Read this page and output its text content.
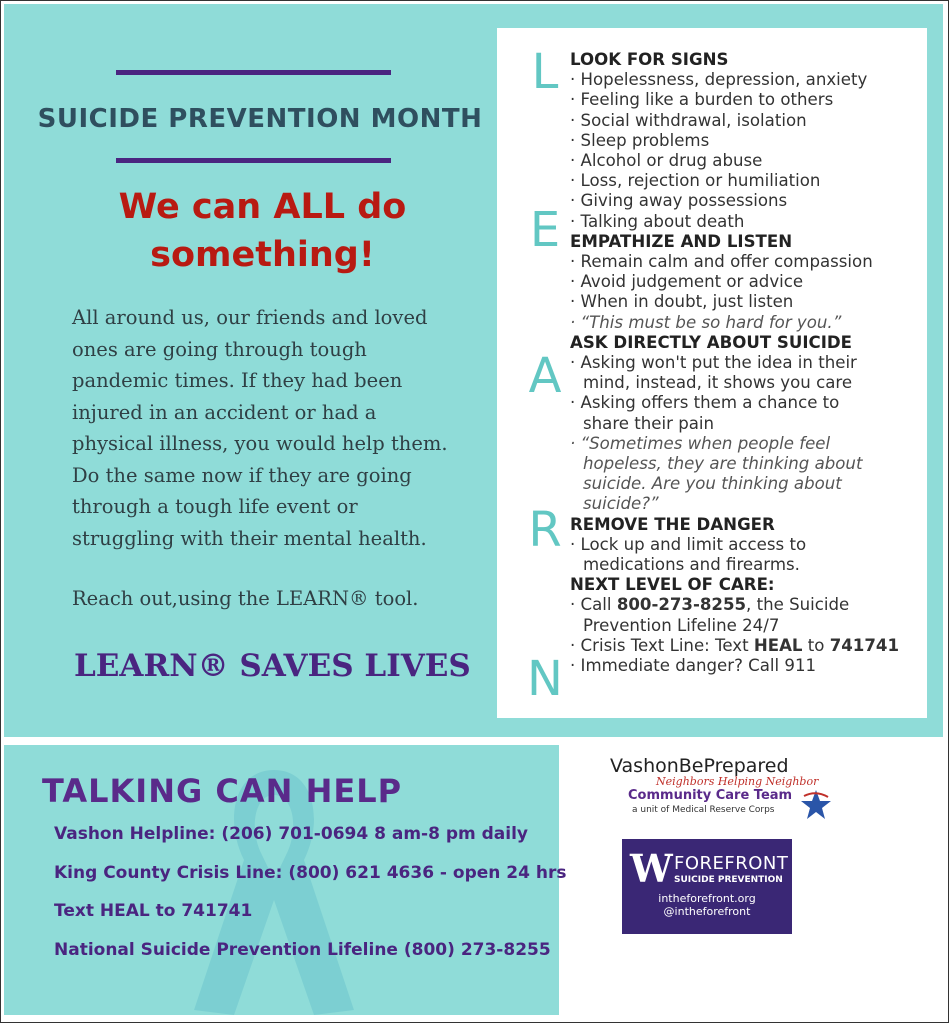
SUICIDE PREVENTION MONTH
We can ALL do
something!
All around us, our friends and loved
ones are going through tough
pandemic times. If they had been
injured in an accident or had a
physical illness, you would help them.
Do the same now if they are going
through a tough life event or
struggling with their mental health.
Reach out,using the LEARN® tool.
LEARN® SAVES LIVES
L
E
A
R
N
LOOK FOR SIGNS
· Hopelessness, depression, anxiety
· Feeling like a burden to others
· Social withdrawal, isolation
· Sleep problems
· Alcohol or drug abuse
· Loss, rejection or humiliation
· Giving away possessions
· Talking about death
EMPATHIZE AND LISTEN
· Remain calm and offer compassion
· Avoid judgement or advice
· When in doubt, just listen
· “This must be so hard for you.”
ASK DIRECTLY ABOUT SUICIDE
· Asking won't put the idea in their
mind, instead, it shows you care
· Asking offers them a chance to
share their pain
· “Sometimes when people feel
hopeless, they are thinking about
suicide. Are you thinking about
suicide?”
REMOVE THE DANGER
· Lock up and limit access to
medications and firearms.
NEXT LEVEL OF CARE:
· Call 800-273-8255, the Suicide
Prevention Lifeline 24/7
· Crisis Text Line: Text HEAL to 741741
· Immediate danger? Call 911
TALKING CAN HELP
Vashon Helpline: (206) 701-0694 8 am-8 pm daily
King County Crisis Line: (800) 621 4636 - open 24 hrs
Text HEAL to 741741
National Suicide Prevention Lifeline (800) 273-8255
VashonBePrepared
Neighbors Helping Neighbor
Community Care Team
a unit of Medical Reserve Corps
W FOREFRONT
SUICIDE PREVENTION
intheforefront.org
@intheforefront
